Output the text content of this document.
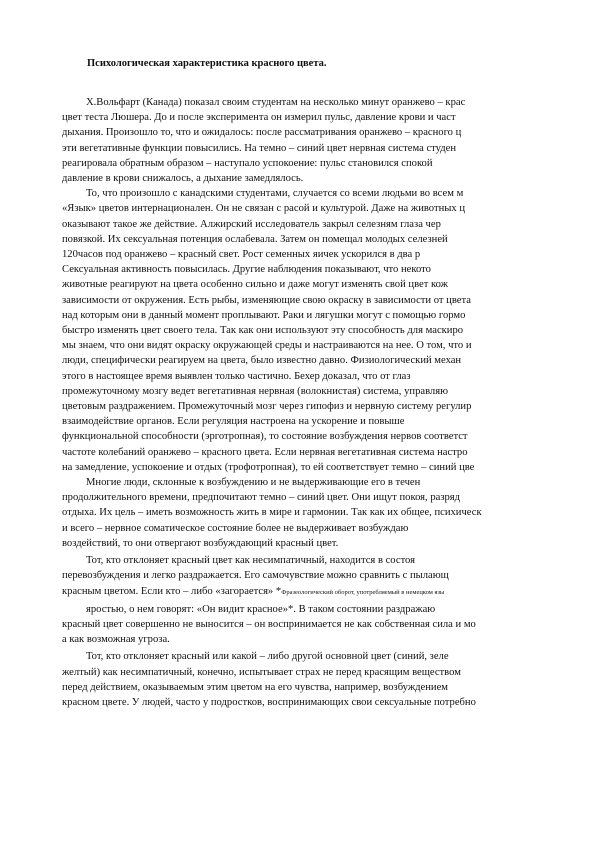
Психологическая характеристика красного цвета.

Х.Вольфарт (Канада) показал своим студентам на несколько минут оранжево – крас

цвет теста Люшера. До и после эксперимента он измерил пульс, давление крови и част

дыхания. Произошло то, что и ожидалось: после рассматривания оранжево – красного ц

эти вегетативные функции повысились. На темно – синий цвет нервная система студен

реагировала обратным образом – наступало успокоение: пульс становился спокой

давление в крови снижалось, а дыхание замедлялось.

То, что произошло с канадскими студентами, случается со всеми людьми во всем м

«Язык» цветов интернационален. Он не связан с расой и культурой. Даже на животных ц

оказывают такое же действие. Алжирский исследователь закрыл селезням глаза чер

повязкой. Их сексуальная потенция ослабевала. Затем он помещал молодых селезней

120часов под оранжево – красный свет. Рост семенных яичек ускорился в два р

Сексуальная активность повысилась. Другие наблюдения показывают, что некото

животные реагируют на цвета особенно сильно и даже могут изменять свой цвет кож

зависимости от окружения. Есть рыбы, изменяющие свою окраску в зависимости от цвета

над которым они в данный момент проплывают. Раки и лягушки могут с помощью гормо

быстро изменять цвет своего тела. Так как они используют эту способность для маскиро

мы знаем, что они видят окраску окружающей среды и настраиваются на нее. О том, что и

люди, специфически реагируем на цвета, было известно давно. Физиологический механ

этого в настоящее время выявлен только частично. Бехер доказал, что от глаз

промежуточному мозгу ведет вегетативная нервная (волокнистая) система, управляю

цветовым раздражением. Промежуточный мозг через гипофиз и нервную систему регулир

взаимодействие органов. Если регуляция настроена на ускорение и повыше

функциональной способности (эрготропная), то состояние возбуждения нервов соответст

частоте колебаний оранжево – красного цвета. Если нервная вегетативная система настро

на замедление, успокоение и отдых (трофотропная), то ей соответствует темно – синий цве

Многие люди, склонные к возбуждению и не выдерживающие его в течен

продолжительного времени, предпочитают темно – синий цвет. Они ищут покоя, разряд

отдыха. Их цель – иметь возможность жить в мире и гармонии. Так как их общее, психическ

и всего – нервное соматическое состояние более не выдерживает возбуждаю

воздействий, то они отвергают возбуждающий красный цвет.

Тот, кто отклоняет красный цвет как несимпатичный, находится в состоя

перевозбуждения и легко раздражается. Его самочувствие можно сравнить с пылающ

красным цветом. Если кто – либо «загорается» *Фразеологический оборот, употребляемый в немецком язы

яростью, о нем говорят: «Он видит красное»*. В таком состоянии раздражаю

красный цвет совершенно не выносится – он воспринимается не как собственная сила и мо

а как возможная угроза.

Тот, кто отклоняет красный или какой – либо другой основной цвет (синий, зеле

желтый) как несимпатичный, конечно, испытывает страх не перед красящим веществом

перед действием, оказываемым этим цветом на его чувства, например, возбуждением

красном цвете. У людей, часто у подростков, воспринимающих свои сексуальные потребно
